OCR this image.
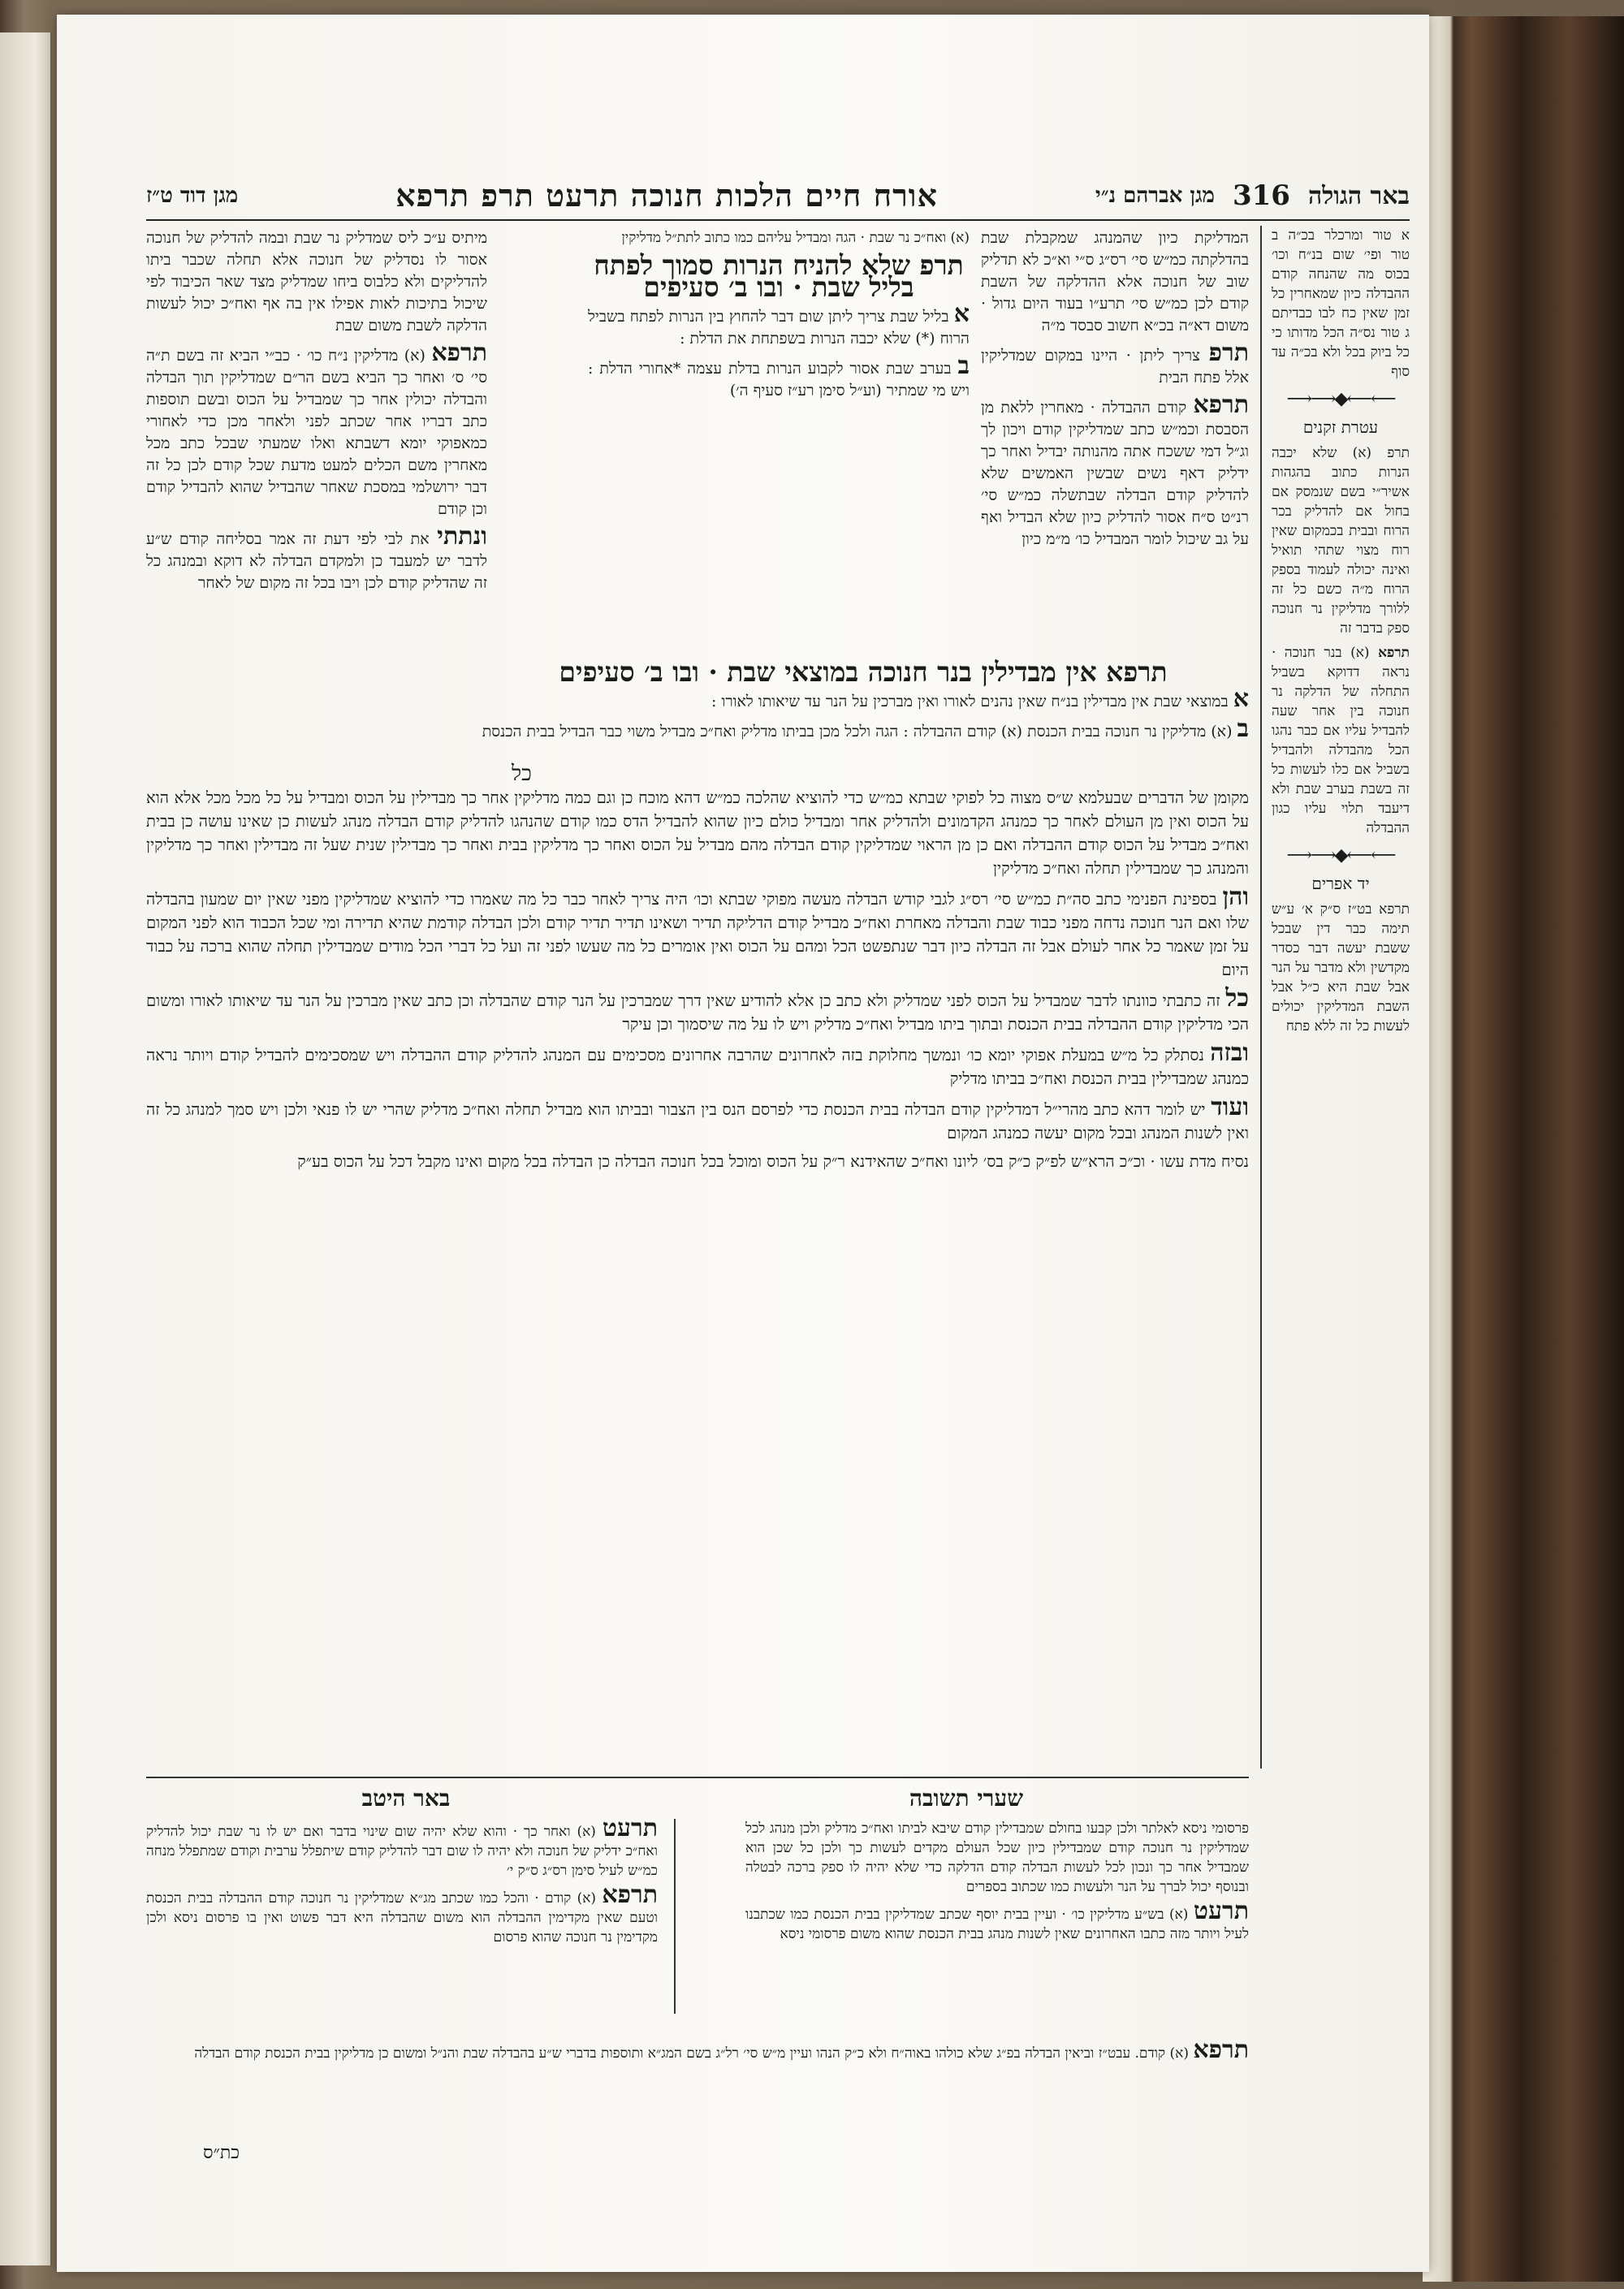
באר הגולה
316
מגן אברהם נ״י
אורח חיים הלכות חנוכה תרעט תרפ תרפא
מגן דוד ט״ז

א טור ומרכלר בכ״ה ב טור ופי׳ שום בנ״ח וכו׳ בכוס מה שהנחה קודם ההבדלה כיון שמאחרין כל זמן שאין כח לבו כבדיתם ג טור נס״ה הכל מדותו כי כל ביוק בכל ולא בכ״ה עד סוף

⟵⟵◆⟶⟶
עטרת זקנים

תרפ (א) שלא יכבה הנרות כתוב בהגהות אשיר״י בשם שנמסק אם בחול אם להדליק בכר הרוח ובבית בכמקום שאין רוח מצוי שתהי תואיל ואינה יכולה לעמוד בספק הרוח מ״ה כשם כל זה ללורך מדליקין נר חנוכה ספק בדבר זה

תרפא (א) בנר חנוכה · נראה דדוקא בשביל התחלה של הדלקה נר חנוכה בין אחר שעה להבדיל עליו אם כבר נהגו הכל מהבדלה ולהבדיל בשביל אם כלו לעשות כל זה בשבת בערב שבת ולא דיעבד תלוי עליו כגון ההבדלה

⟵⟵◆⟶⟶
יד אפרים

תרפא בט״ז ס״ק א׳ ע״ש תימה כבר דין שבכל ששבת יעשה דבר כסדר מקדשין ולא מדבר על הנר אבל שבת היא כ״ל אבל השבת המדליקין יכולים לעשות כל זה ללא פתח

המדליקת כיון שהמנהג שמקבלת שבת בהדלקתה כמ״ש סי׳ רס״ג ס״י וא״כ לא תדליק שוב של חנוכה אלא ההדלקה של השבת קודם לכן כמ״ש סי׳ תרע״ו בעוד היום גדול · משום דא״ה בכ״א חשוב סבסד מ״ה

תרפ צריך ליתן · היינו במקום שמדליקין אלל פתח הבית

תרפא קודם ההבדלה · מאחרין ללאת מן הסבסת וכמ״ש כתב שמדליקין קודם ויכון לך וג״ל דמי ששכח אתה מהנותה יבדיל ואחר כך ידליק דאף נשים שבשין האמשים שלא להדליק קודם הבדלה שבתשלה כמ״ש סי׳ רנ״ט ס״ח אסור להדליק כיון שלא הבדיל ואף על גב שיכול לומר המבדיל כו׳ מ״מ כיון

(א) ואח״כ נר שבת · הגה ומבדיל עליהם כמו כתוב לתת״ל מדליקין

תרפ שלא להניח הנרות סמוך לפתח בליל שבת · ובו ב׳ סעיפים

א בליל שבת צריך ליתן שום דבר להחוץ בין הנרות לפתח בשביל הרוח (*) שלא יכבה הנרות בשפתחת את הדלת :

ב בערב שבת אסור לקבוע הנרות בדלת עצמה *אחורי הדלת : ויש מי שמתיר (וע״ל סימן רע״ז סעיף ה׳)

מיתיס ע״כ ליס שמדליק נר שבת ובמה להדליק של חנוכה אסור לו נסדליק של חנוכה אלא תחלה שכבר ביתו להדליקים ולא כלבוס ביחו שמדליק מצד שאר הכיבוד לפי שיכול בתיכות לאות אפילו אין בה אף ואח״כ יכול לעשות הדלקה לשבת משום שבת

תרפא (א) מדליקין נ״ח כו׳ · כב״י הביא זה בשם ת״ה סי׳ ס׳ ואחר כך הביא בשם הר״ם שמדליקין תוך הבדלה והבדלה יכולין אחר כך שמבדיל על הכוס ובשם תוספות כתב דבריו אחר שכתב לפני ולאחר מכן כדי לאחורי כמאפוקי יומא דשבתא ואלו שמעתי שבכל כתב מכל מאחרין משם הכלים למעט מדעת שכל קודם לכן כל זה דבר ירושלמי במסכת שאחר שהבדיל שהוא להבדיל קודם וכן קודם

ונתתי את לבי לפי דעת זה אמר בסליחה קודם ש״ע לדבר יש למעבד כן ולמקדם הבדלה לא דוקא ובמנהג כל זה שהדליק קודם לכן ויבו בכל זה מקום של לאחר

תרפא אין מבדילין בנר חנוכה במוצאי שבת · ובו ב׳ סעיפים

א במוצאי שבת אין מבדילין בנ״ח שאין נהנים לאורו ואין מברכין על הנר עד שיאותו לאורו :

ב (א) מדליקין נר חנוכה בבית הכנסת (א) קודם ההבדלה : הגה ולכל מכן בביתו מדליק ואח״כ מבדיל משוי כבר הבדיל בבית הכנסת

כל

מקומן של הדברים שבעלמא ש״ס מצוה כל לפוקי שבתא כמ״ש כדי להוציא שהלכה כמ״ש דהא מוכח כן וגם כמה מדליקין אחר כך מבדילין על הכוס ומבדיל על כל מכל מכל אלא הוא על הכוס ואין מן העולם לאחר כך כמנהג הקדמונים ולהדליק אחר ומבדיל כולם כיון שהוא להבדיל הדס כמו קודם שהנהגו להדליק קודם הבדלה מנהג לעשות כן שאינו עושה כן בבית ואח״כ מבדיל על הכוס קודם ההבדלה ואם כן מן הראוי שמדליקין קודם הבדלה מהם מבדיל על הכוס ואחר כך מדליקין בבית ואחר כך מבדילין שנית שעל זה מבדילין ואחר כך מדליקין והמנהג כך שמבדילין תחלה ואח״כ מדליקין

והן בספינת הפנימי כתב סה״ת כמ״ש סי׳ רס״ג לגבי קודש הבדלה מעשה מפוקי שבתא וכו׳ היה צריך לאחר כבר כל מה שאמרו כדי להוציא שמדליקין מפני שאין יום שמעון בהבדלה שלו ואם הנר חנוכה נדחה מפני כבוד שבת והבדלה מאחרת ואח״כ מבדיל קודם הדליקה תדיר ושאינו תדיר תדיר קודם ולכן הבדלה קודמת שהיא תדירה ומי שכל הכבוד הוא לפני המקום על זמן שאמר כל אחר לעולם אבל זה הבדלה כיון דבר שנתפשט הכל ומהם על הכוס ואין אומרים כל מה שעשו לפני זה ועל כל דברי הכל מודים שמבדילין תחלה שהוא ברכה על כבוד היום

כל זה כתבתי כוונתו לדבר שמבדיל על הכוס לפני שמדליק ולא כתב כן אלא להודיע שאין דרך שמברכין על הנר קודם שהבדלה וכן כתב שאין מברכין על הנר עד שיאותו לאורו ומשום הכי מדליקין קודם ההבדלה בבית הכנסת ובתוך ביתו מבדיל ואח״כ מדליק ויש לו על מה שיסמוך וכן עיקר

ובזה נסתלק כל מ״ש במעלת אפוקי יומא כו׳ ונמשך מחלוקת בזה לאחרונים שהרבה אחרונים מסכימים עם המנהג להדליק קודם ההבדלה ויש שמסכימים להבדיל קודם ויותר נראה כמנהג שמבדילין בבית הכנסת ואח״כ בביתו מדליק

ועוד יש לומר דהא כתב מהרי״ל דמדליקין קודם הבדלה בבית הכנסת כדי לפרסם הנס בין הצבור ובביתו הוא מבדיל תחלה ואח״כ מדליק שהרי יש לו פנאי ולכן ויש סמך למנהג כל זה ואין לשנות המנהג ובכל מקום יעשה כמנהג המקום

נסיח מדת עשו · וכ״כ הרא״ש לפ״ק כ״ק בס׳ ליונו ואח״כ שהאידנא ר״ק על הכוס ומוכל בכל חנוכה הבדלה כן הבדלה בכל מקום ואינו מקבל דכל על הכוס בע״ק

שערי תשובה
באר היטב

פרסומי ניסא לאלתר ולכן קבעו בחולם שמבדילין קודם שיבא לביתו ואח״כ מדליק ולכן מנהג לכל שמדליקין נר חנוכה קודם שמבדילין כיון שכל העולם מקדים לעשות כך ולכן כל שכן הוא שמבדיל אחר כך ונכון לכל לעשות הבדלה קודם הדלקה כדי שלא יהיה לו ספק ברכה לבטלה ובנוסף יכול לברך על הנר ולעשות כמו שכתוב בספרים

תרעט (א) בש״ע מדליקין כו׳ · ועיין בבית יוסף שכתב שמדליקין בבית הכנסת כמו שכתבנו לעיל ויותר מזה כתבו האחרונים שאין לשנות מנהג בבית הכנסת שהוא משום פרסומי ניסא

תרעט (א) ואחר כך · והוא שלא יהיה שום שינוי בדבר ואם יש לו נר שבת יכול להדליק ואח״כ ידליק של חנוכה ולא יהיה לו שום דבר להדליק קודם שיתפלל ערבית וקודם שמתפלל מנחה כמ״ש לעיל סימן רס״ג ס״ק י׳

תרפא (א) קודם · והכל כמו שכתב מג״א שמדליקין נר חנוכה קודם ההבדלה בבית הכנסת וטעם שאין מקדימין ההבדלה הוא משום שהבדלה היא דבר פשוט ואין בו פרסום ניסא ולכן מקדימין נר חנוכה שהוא פרסום

תרפא (א) קודם. עבט״ז וביאין הבדלה בפ״ג שלא כולהו באוה״ח ולא כ״ק הנהו ועיין מ״ש סי׳ רל״ג בשם המג״א ותוספות בדברי ש״ע בהבדלה שבת והנ״ל ומשום כן מדליקין בבית הכנסת קודם הבדלה

כת״ס
